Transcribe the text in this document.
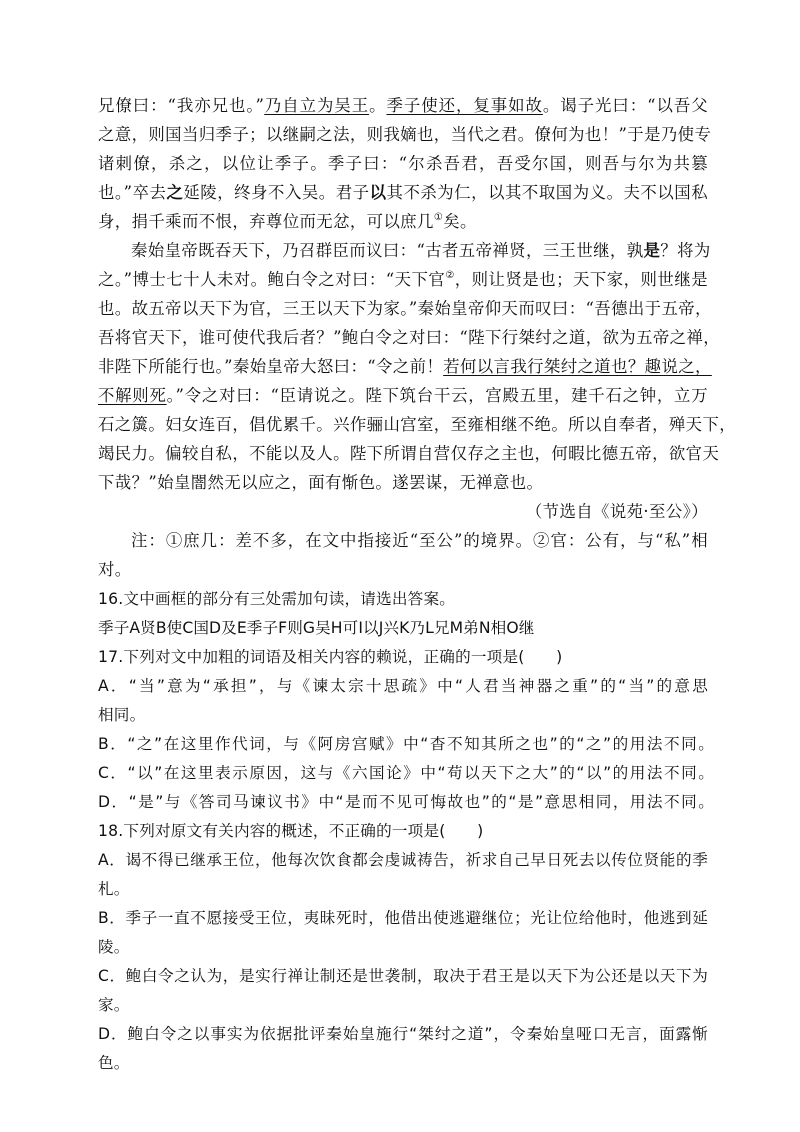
兄僚曰：“我亦兄也。”乃自立为吴王。季子使还，复事如故。谒子光曰：“以吾父
之意，则国当归季子；以继嗣之法，则我嫡也，当代之君。僚何为也！”于是乃使专
诸刺僚，杀之，以位让季子。季子曰：“尔杀吾君，吾受尔国，则吾与尔为共篡
也。”卒去之延陵，终身不入吴。君子以其不杀为仁，以其不取国为义。夫不以国私
身，捐千乘而不恨，弃尊位而无忿，可以庶几①矣。
秦始皇帝既吞天下，乃召群臣而议曰：“古者五帝禅贤，三王世继，孰是？将为
之。”博士七十人未对。鲍白令之对曰：“天下官②，则让贤是也；天下家，则世继是
也。故五帝以天下为官，三王以天下为家。”秦始皇帝仰天而叹曰：“吾德出于五帝，
吾将官天下，谁可使代我后者？”鲍白令之对曰：“陛下行桀纣之道，欲为五帝之禅，
非陛下所能行也。”秦始皇帝大怒曰：“令之前！若何以言我行桀纣之道也？趣说之，
不解则死。”令之对曰：“臣请说之。陛下筑台干云，宫殿五里，建千石之钟，立万
石之簴。妇女连百，倡优累千。兴作骊山宫室，至雍相继不绝。所以自奉者，殚天下，
竭民力。偏较自私，不能以及人。陛下所谓自营仅存之主也，何暇比德五帝，欲官天
下哉？”始皇闇然无以应之，面有惭色。遂罢谋，无禅意也。
（节选自《说苑·至公》）
注：①庶几：差不多，在文中指接近“至公”的境界。②官：公有，与“私”相
对。
16.文中画框的部分有三处需加句读，请选出答案。
季子A贤B使C国D及E季子F则G吴H可I以J兴K乃L兄M弟N相O继
17.下列对文中加粗的词语及相关内容的赖说，正确的一项是(　　)
A．“当”意为“承担”，与《谏太宗十思疏》中“人君当神器之重”的“当”的意思
相同。
B．“之”在这里作代词，与《阿房宫赋》中“杳不知其所之也”的“之”的用法不同。
C．“以”在这里表示原因，这与《六国论》中“苟以天下之大”的“以”的用法不同。
D．“是”与《答司马谏议书》中“是而不见可悔故也”的“是”意思相同，用法不同。
18.下列对原文有关内容的概述，不正确的一项是(　　)
A．谒不得已继承王位，他每次饮食都会虔诚祷告，祈求自己早日死去以传位贤能的季
札。
B．季子一直不愿接受王位，夷昧死时，他借出使逃避继位；光让位给他时，他逃到延
陵。
C．鲍白令之认为，是实行禅让制还是世袭制，取决于君王是以天下为公还是以天下为
家。
D．鲍白令之以事实为依据批评秦始皇施行“桀纣之道”，令秦始皇哑口无言，面露惭
色。
